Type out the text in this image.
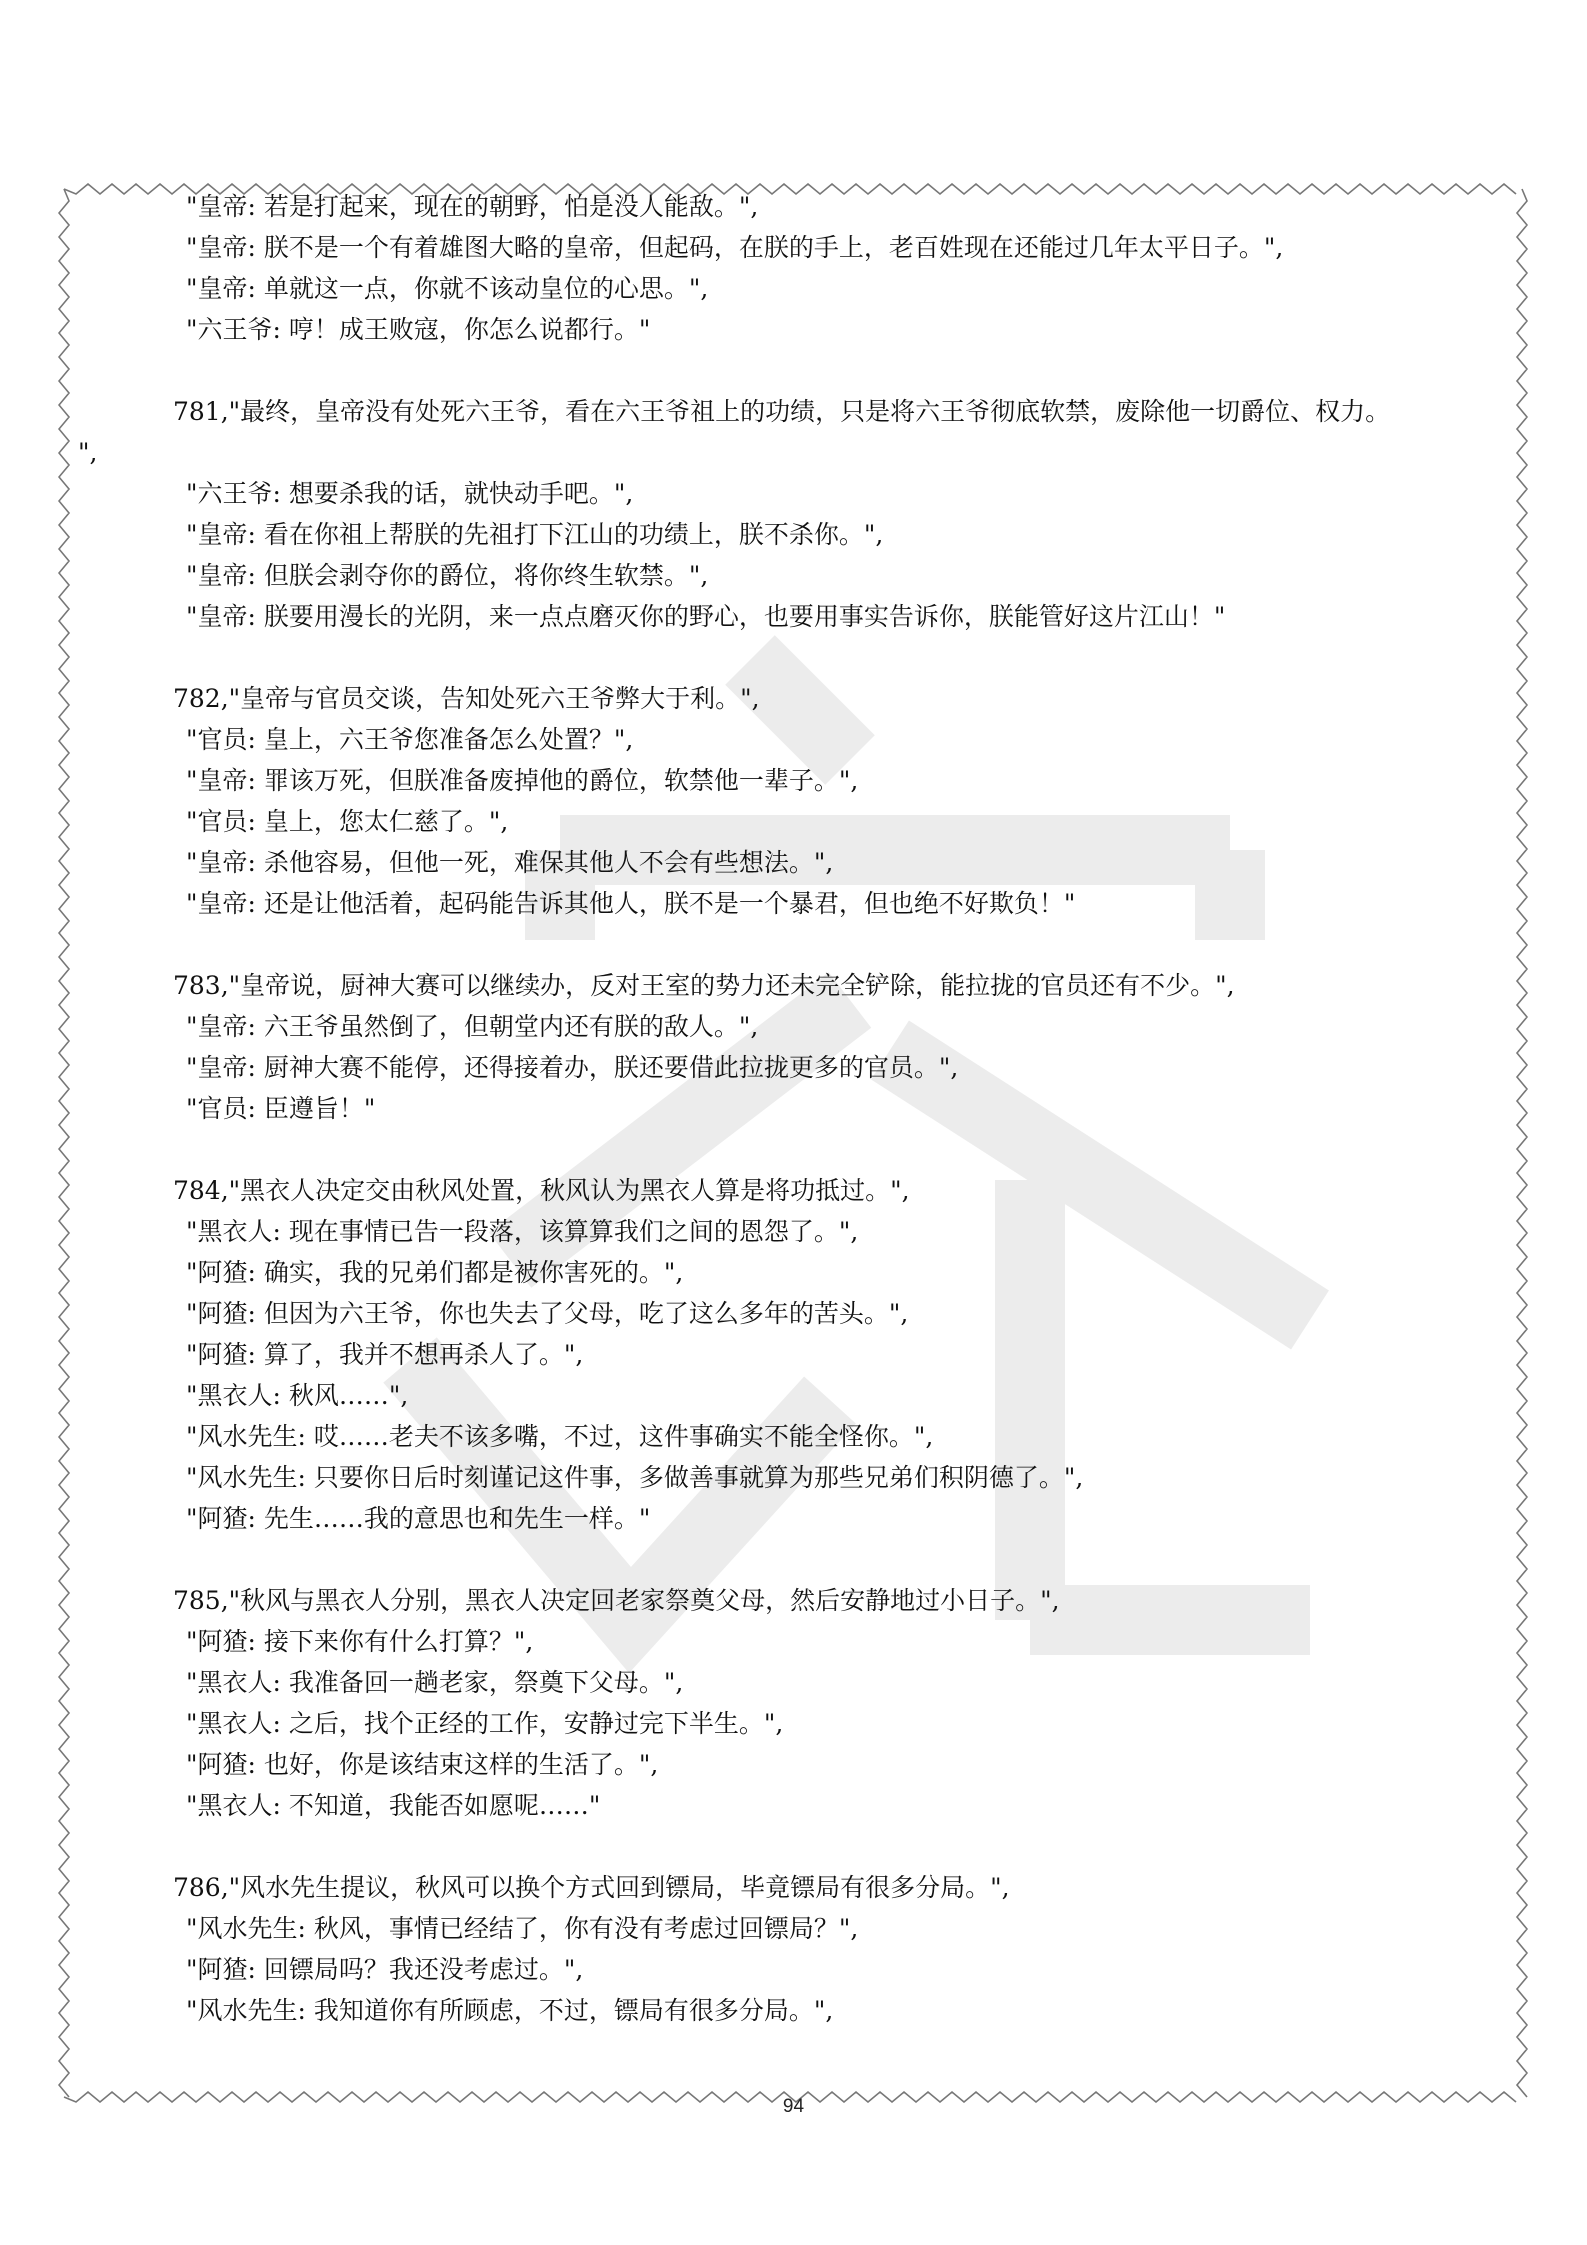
"皇帝: 若是打起来，现在的朝野，怕是没人能敌。",
"皇帝: 朕不是一个有着雄图大略的皇帝，但起码，在朕的手上，老百姓现在还能过几年太平日子。",
"皇帝: 单就这一点，你就不该动皇位的心思。",
"六王爷: 哼！成王败寇，你怎么说都行。"
781,"最终，皇帝没有处死六王爷，看在六王爷祖上的功绩，只是将六王爷彻底软禁，废除他一切爵位、权力。
",
"六王爷: 想要杀我的话，就快动手吧。",
"皇帝: 看在你祖上帮朕的先祖打下江山的功绩上，朕不杀你。",
"皇帝: 但朕会剥夺你的爵位，将你终生软禁。",
"皇帝: 朕要用漫长的光阴，来一点点磨灭你的野心，也要用事实告诉你，朕能管好这片江山！"
782,"皇帝与官员交谈，告知处死六王爷弊大于利。",
"官员: 皇上，六王爷您准备怎么处置？",
"皇帝: 罪该万死，但朕准备废掉他的爵位，软禁他一辈子。",
"官员: 皇上，您太仁慈了。",
"皇帝: 杀他容易，但他一死，难保其他人不会有些想法。",
"皇帝: 还是让他活着，起码能告诉其他人，朕不是一个暴君，但也绝不好欺负！"
783,"皇帝说，厨神大赛可以继续办，反对王室的势力还未完全铲除，能拉拢的官员还有不少。",
"皇帝: 六王爷虽然倒了，但朝堂内还有朕的敌人。",
"皇帝: 厨神大赛不能停，还得接着办，朕还要借此拉拢更多的官员。",
"官员: 臣遵旨！"
784,"黑衣人决定交由秋风处置，秋风认为黑衣人算是将功抵过。",
"黑衣人: 现在事情已告一段落，该算算我们之间的恩怨了。",
"阿猹: 确实，我的兄弟们都是被你害死的。",
"阿猹: 但因为六王爷，你也失去了父母，吃了这么多年的苦头。",
"阿猹: 算了，我并不想再杀人了。",
"黑衣人: 秋风……",
"风水先生: 哎……老夫不该多嘴，不过，这件事确实不能全怪你。",
"风水先生: 只要你日后时刻谨记这件事，多做善事就算为那些兄弟们积阴德了。",
"阿猹: 先生……我的意思也和先生一样。"
785,"秋风与黑衣人分别，黑衣人决定回老家祭奠父母，然后安静地过小日子。",
"阿猹: 接下来你有什么打算？",
"黑衣人: 我准备回一趟老家，祭奠下父母。",
"黑衣人: 之后，找个正经的工作，安静过完下半生。",
"阿猹: 也好，你是该结束这样的生活了。",
"黑衣人: 不知道，我能否如愿呢……"
786,"风水先生提议，秋风可以换个方式回到镖局，毕竟镖局有很多分局。",
"风水先生: 秋风，事情已经结了，你有没有考虑过回镖局？",
"阿猹: 回镖局吗？我还没考虑过。",
"风水先生: 我知道你有所顾虑，不过，镖局有很多分局。",
94
